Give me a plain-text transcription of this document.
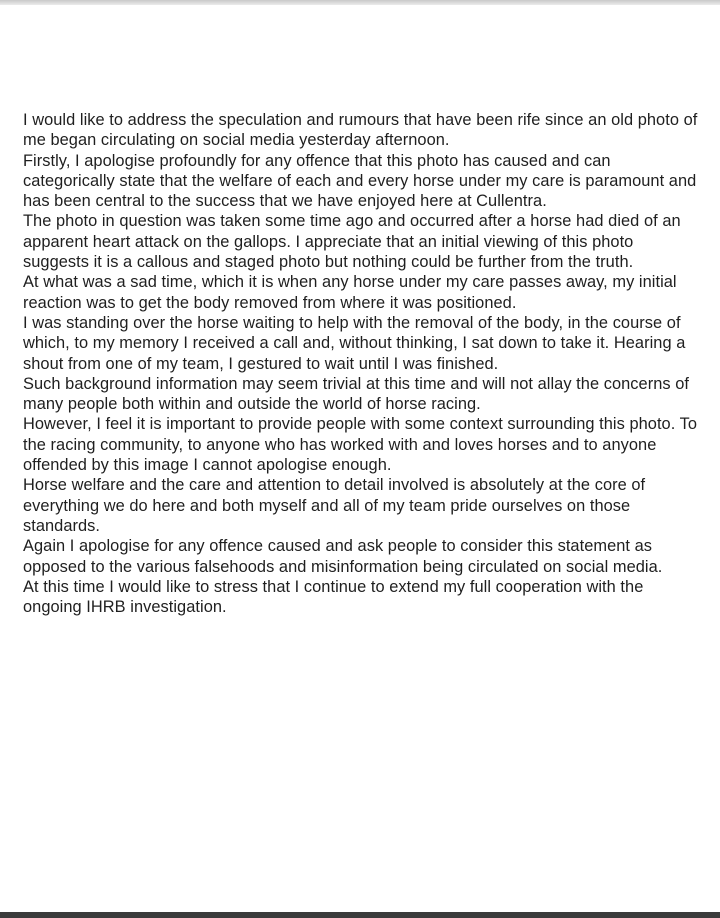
I would like to address the speculation and rumours that have been rife since an old photo of me began circulating on social media yesterday afternoon.

Firstly, I apologise profoundly for any offence that this photo has caused and can categorically state that the welfare of each and every horse under my care is paramount and has been central to the success that we have enjoyed here at Cullentra.

The photo in question was taken some time ago and occurred after a horse had died of an apparent heart attack on the gallops. I appreciate that an initial viewing of this photo suggests it is a callous and staged photo but nothing could be further from the truth.

At what was a sad time, which it is when any horse under my care passes away, my initial reaction was to get the body removed from where it was positioned.

I was standing over the horse waiting to help with the removal of the body, in the course of which, to my memory I received a call and, without thinking, I sat down to take it. Hearing a shout from one of my team, I gestured to wait until I was finished.

Such background information may seem trivial at this time and will not allay the concerns of many people both within and outside the world of horse racing.

However, I feel it is important to provide people with some context surrounding this photo. To the racing community, to anyone who has worked with and loves horses and to anyone offended by this image I cannot apologise enough.

Horse welfare and the care and attention to detail involved is absolutely at the core of everything we do here and both myself and all of my team pride ourselves on those standards.

Again I apologise for any offence caused and ask people to consider this statement as opposed to the various falsehoods and misinformation being circulated on social media.

At this time I would like to stress that I continue to extend my full cooperation with the ongoing IHRB investigation.
